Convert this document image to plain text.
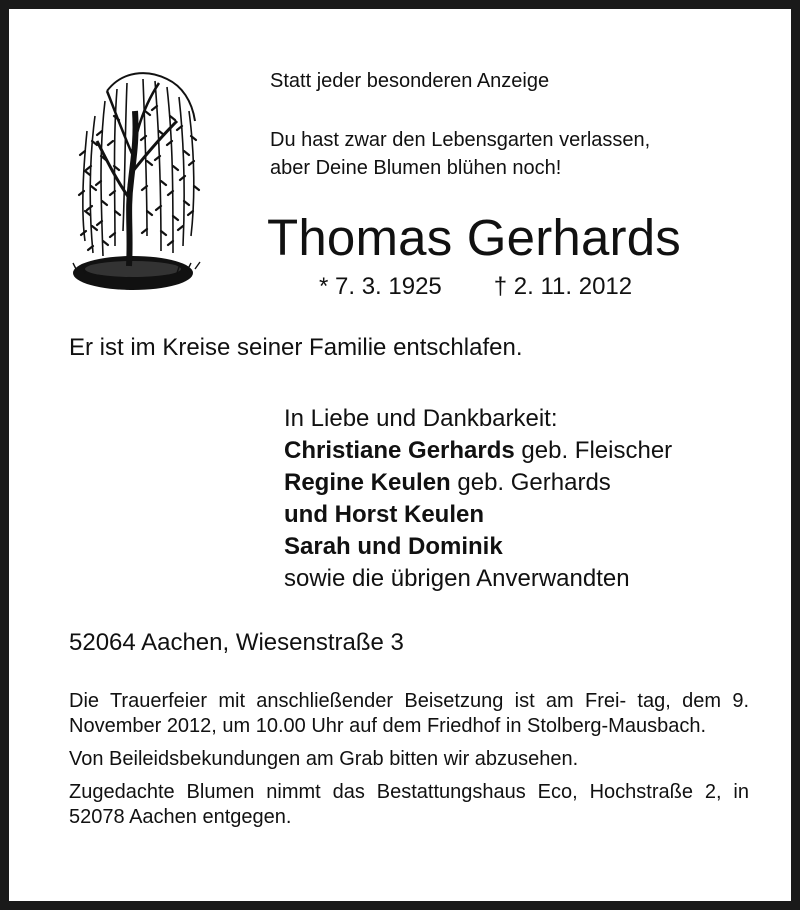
Statt jeder besonderen Anzeige
Du hast zwar den Lebensgarten verlassen,
aber Deine Blumen blühen noch!
Thomas Gerhards
* 7. 3. 1925 † 2. 11. 2012
Er ist im Kreise seiner Familie entschlafen.
In Liebe und Dankbarkeit:
Christiane Gerhards geb. Fleischer
Regine Keulen geb. Gerhards
und Horst Keulen
Sarah und Dominik
sowie die übrigen Anverwandten
52064 Aachen, Wiesenstraße 3

Die Trauerfeier mit anschließender Beisetzung ist am Frei- tag, dem 9. November 2012, um 10.00 Uhr auf dem Friedhof in Stolberg-Mausbach.

Von Beileidsbekundungen am Grab bitten wir abzusehen.

Zugedachte Blumen nimmt das Bestattungshaus Eco, Hochstraße 2, in 52078 Aachen entgegen.
